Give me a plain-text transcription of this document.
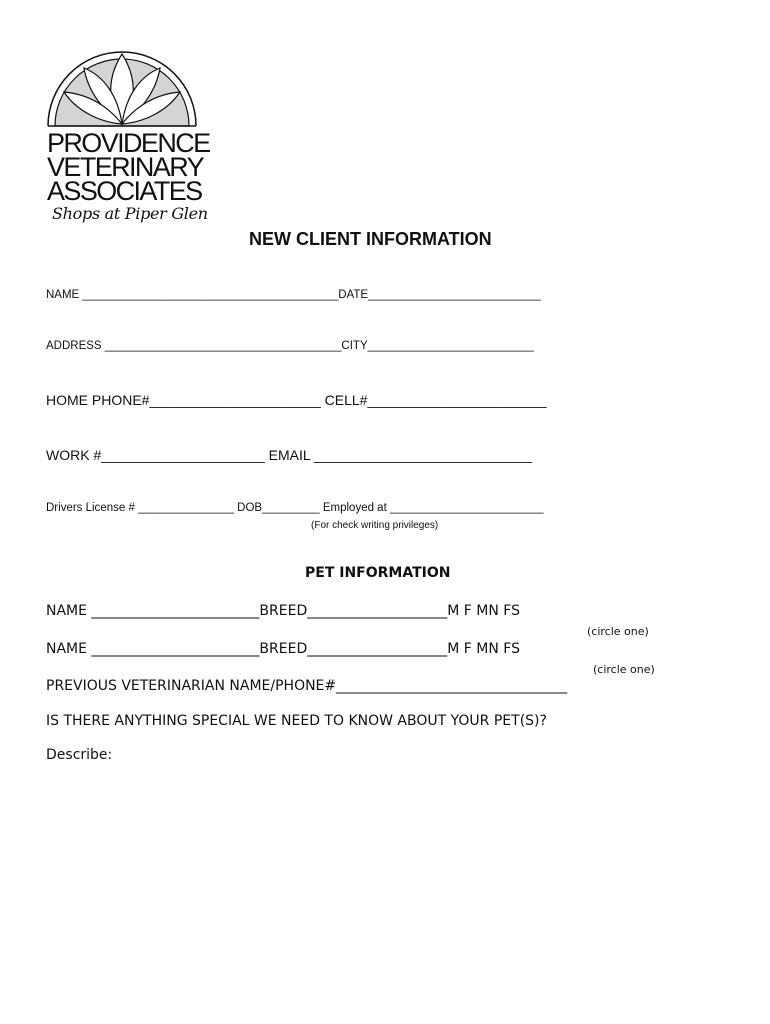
PROVIDENCE
VETERINARY
ASSOCIATES
Shops at Piper Glen
NEW CLIENT INFORMATION
NAME ________________________________________DATE___________________________
ADDRESS _____________________________________CITY__________________________
HOME PHONE#______________________ CELL#_______________________
WORK #_____________________ EMAIL ____________________________
Drivers License # _______________ DOB_________ Employed at ________________________
(For check writing privileges)
PET INFORMATION
NAME ________________________BREED____________________M F MN FS
(circle one)
NAME ________________________BREED____________________M F MN FS
(circle one)
PREVIOUS VETERINARIAN NAME/PHONE#_________________________________
IS THERE ANYTHING SPECIAL WE NEED TO KNOW ABOUT YOUR PET(S)?
Describe:
